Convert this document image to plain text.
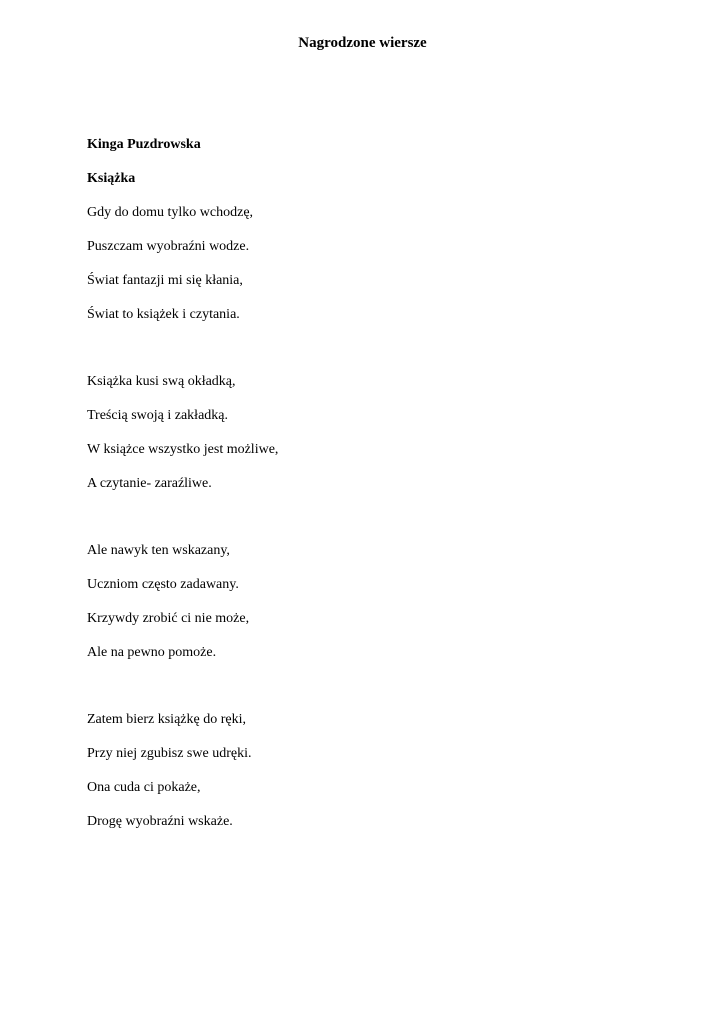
Nagrodzone wiersze
Kinga Puzdrowska
Książka
Gdy do domu tylko wchodzę,
Puszczam wyobraźni wodze.
Świat fantazji mi się kłania,
Świat to książek i czytania.
Książka kusi swą okładką,
Treścią swoją i zakładką.
W książce wszystko jest możliwe,
A czytanie- zaraźliwe.
Ale nawyk ten wskazany,
Uczniom często zadawany.
Krzywdy zrobić ci nie może,
Ale na pewno pomoże.
Zatem bierz książkę do ręki,
Przy niej zgubisz swe udręki.
Ona cuda ci pokaże,
Drogę wyobraźni wskaże.
